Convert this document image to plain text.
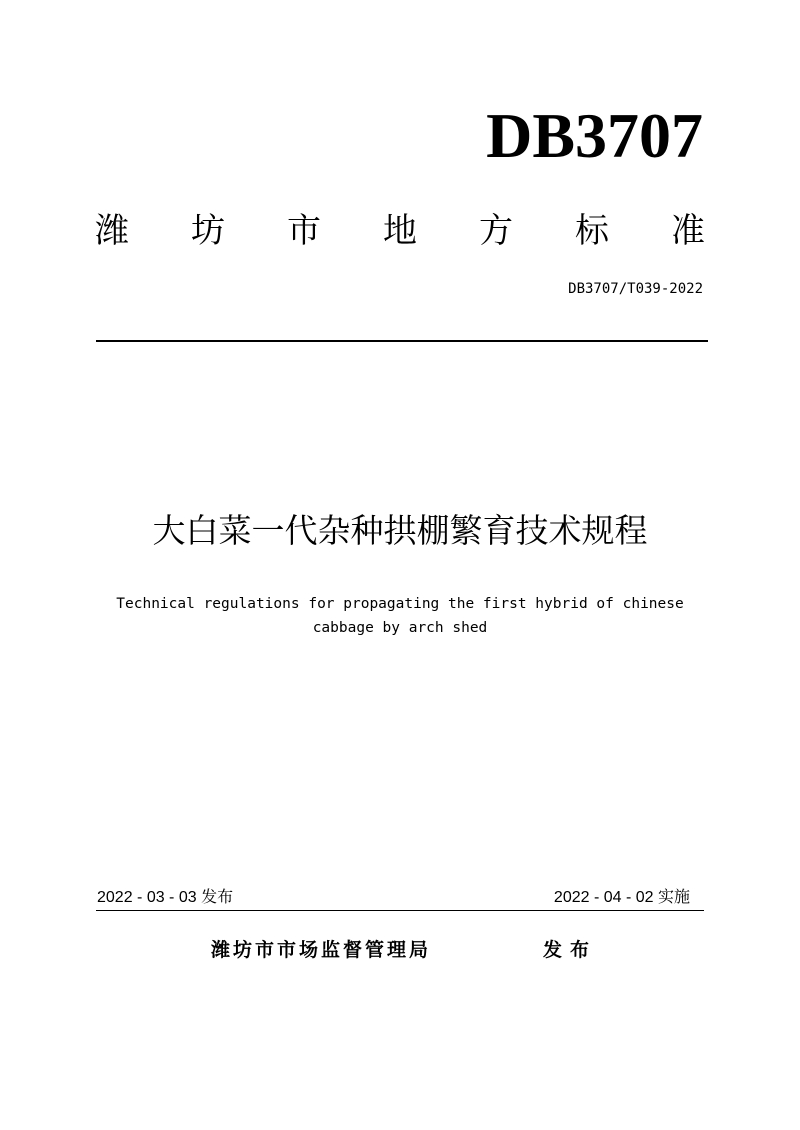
DB3707
潍 坊 市 地 方 标 准
DB3707/T039-2022
大白菜一代杂种拱棚繁育技术规程
Technical regulations for propagating the first hybrid of chinese
cabbage by arch shed
2022 - 03 - 03 发布	2022 - 04 - 02 实施
潍坊市市场监督管理局	发布
